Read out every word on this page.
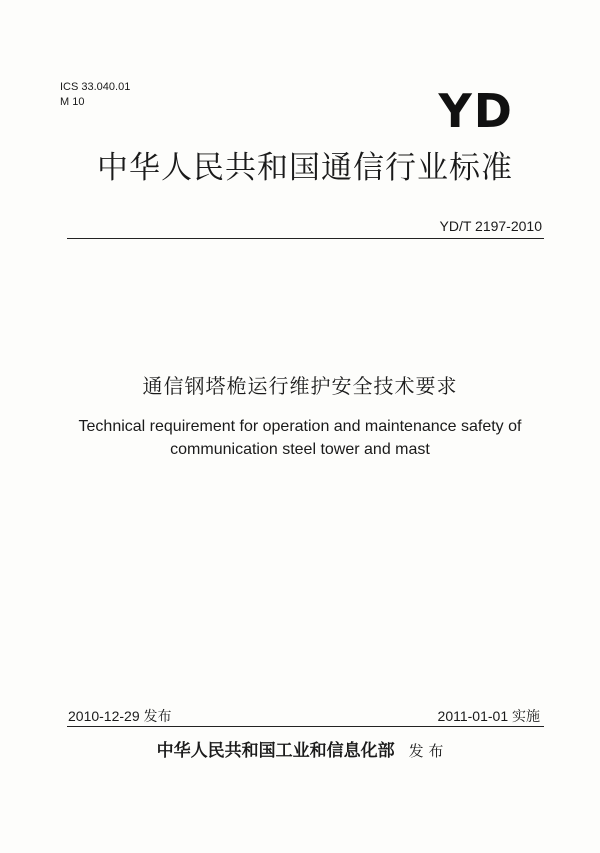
ICS 33.040.01
M 10	YD
中华人民共和国通信行业标准
YD/T 2197-2010
通信钢塔桅运行维护安全技术要求
Technical requirement for operation and maintenance safety of
communication steel tower and mast
2010-12-29 发布	2011-01-01 实施
中华人民共和国工业和信息化部 发 布
